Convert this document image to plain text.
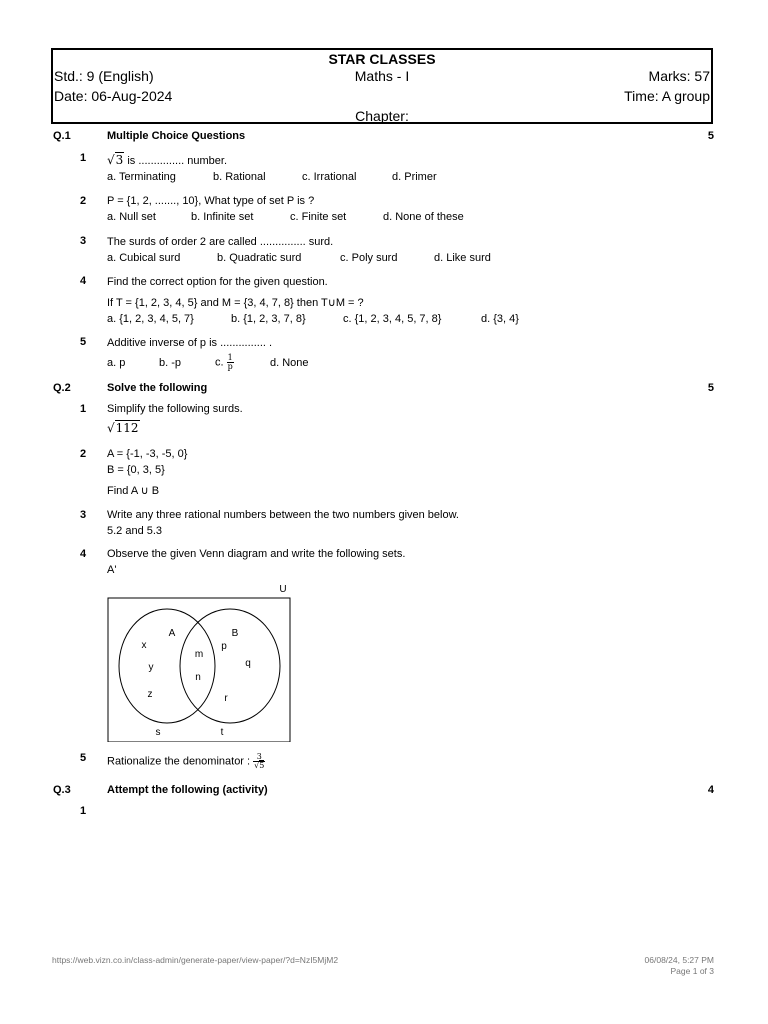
STAR CLASSES
Std.: 9 (English)	Maths - I	Marks: 57
Date: 06-Aug-2024	Time: A group
Chapter:
Q.1	Multiple Choice Questions	5
1 √3 is ............... number.
a. Terminating	b. Rational	c. Irrational	d. Primer
2 P = {1, 2, ......., 10}, What type of set P is ?
a. Null set	b. Infinite set	c. Finite set	d. None of these
3 The surds of order 2 are called ............... surd.
a. Cubical surd	b. Quadratic surd	c. Poly surd	d. Like surd
4 Find the correct option for the given question.
If T = {1, 2, 3, 4, 5} and M = {3, 4, 7, 8} then T∪M = ?
a. {1, 2, 3, 4, 5, 7}	b. {1, 2, 3, 7, 8}	c. {1, 2, 3, 4, 5, 7, 8}	d. {3, 4}
5 Additive inverse of p is ............... .
a. p	b. -p	c. $\frac{1}{p}$	d. None
Q.2	Solve the following	5
1 Simplify the following surds.
√112
2 A = {-1, -3, -5, 0}
B = {0, 3, 5}
Find A ∪ B
3 Write any three rational numbers between the two numbers given below.
5.2 and 5.3
4 Observe the given Venn diagram and write the following sets.
A'
U
A	B
x
y
z
m
n
p
q
r
s	t
5 Rationalize the denominator : $\frac{3}{√5}$
Q.3	Attempt the following (activity)	4
1
https://web.vizn.co.in/class-admin/generate-paper/view-paper/?d=NzI5MjM2	06/08/24, 5:27 PM
Page 1 of 3
